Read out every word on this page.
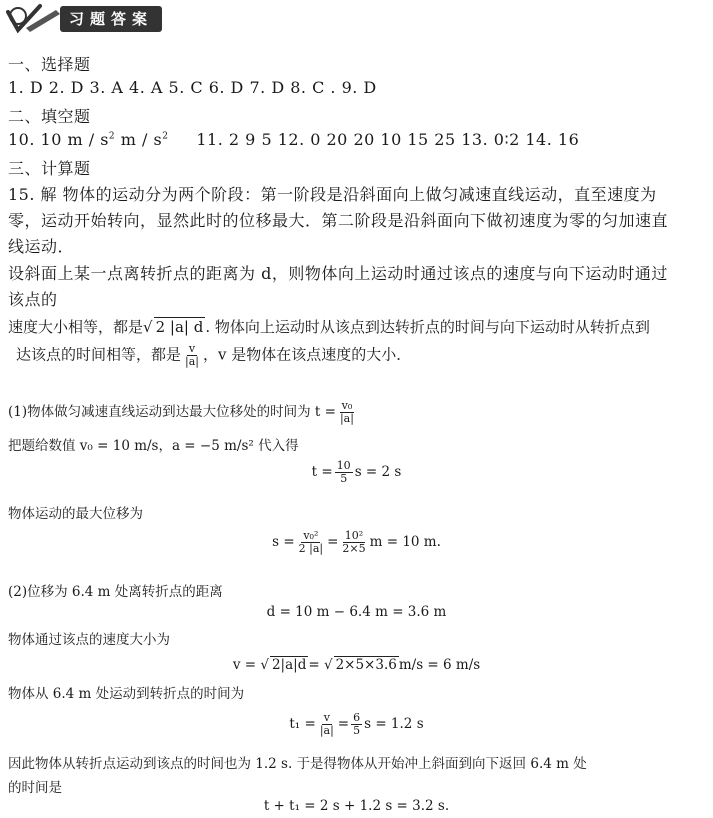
习题答案
一、选择题
1. D 2. D 3. A 4. A 5. C 6. D 7. D 8. C . 9. D
二、填空题
10. 10 m / $s^2$ m / $s^2$ 11. 2 9 5 12. 0 20 20 10 15 25 13. 0∶2 14. 16
三、计算题
15. 解 物体的运动分为两个阶段：第一阶段是沿斜面向上做匀减速直线运动，直至速度为
零，运动开始转向，显然此时的位移最大．第二阶段是沿斜面向下做初速度为零的匀加速直
线运动．
设斜面上某一点离转折点的距离为 d，则物体向上运动时通过该点的速度与向下运动时通过
该点的
速度大小相等，都是√ 2 |a| d . 物体向上运动时从该点到达转折点的时间与向下运动时从转折点到
达该点的时间相等，都是 $\frac{v}{|a|}$ ，v 是物体在该点速度的大小．
(1)物体做匀减速直线运动到达最大位移处的时间为 $t = \frac{\text{v₀}}{|a|}$
把题给数值 v₀ = 10 m/s，a = −5 m/s² 代入得
$t = \frac{10}{5}$ s = 2 s
物体运动的最大位移为
$s = \frac{\text{v₀²}}{2 |a|} = \frac{\text{10²}}{2\times 5}$ m = 10 m.
(2)位移为 6.4 m 处离转折点的距离
d = 10 m − 6.4 m = 3.6 m
物体通过该点的速度大小为
v = √ 2|a|d = √ 2×5×3.6 m/s = 6 m/s
物体从 6.4 m 处运动到转折点的时间为
$t_1 = \frac{v}{|a|} = \frac{6}{5}$ s = 1.2 s
因此物体从转折点运动到该点的时间也为 1.2 s. 于是得物体从开始冲上斜面到向下返回 6.4 m 处
的时间是
t + t₁ = 2 s + 1.2 s = 3.2 s.
